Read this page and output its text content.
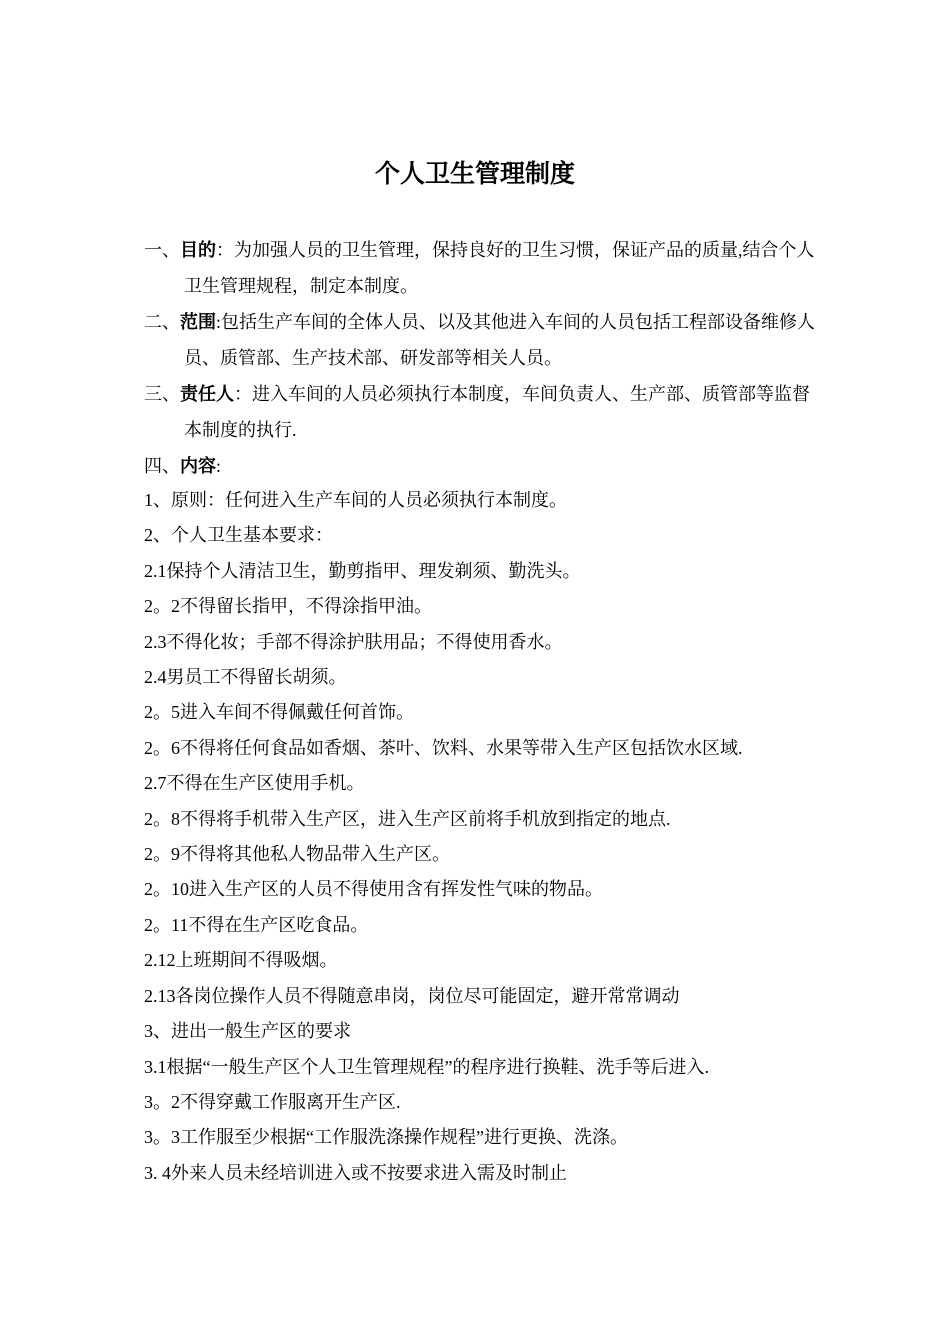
个人卫生管理制度

一、目的：为加强人员的卫生管理，保持良好的卫生习惯，保证产品的质量,结合个人卫生管理规程，制定本制度。

二、范围:包括生产车间的全体人员、以及其他进入车间的人员包括工程部设备维修人员、质管部、生产技术部、研发部等相关人员。

三、责任人：进入车间的人员必须执行本制度，车间负责人、生产部、质管部等监督本制度的执行.

四、内容:

1、原则：任何进入生产车间的人员必须执行本制度。
2、个人卫生基本要求：
2.1保持个人清洁卫生，勤剪指甲、理发剃须、勤洗头。
2。2不得留长指甲，不得涂指甲油。
2.3不得化妆；手部不得涂护肤用品；不得使用香水。
2.4男员工不得留长胡须。
2。5进入车间不得佩戴任何首饰。
2。6不得将任何食品如香烟、茶叶、饮料、水果等带入生产区包括饮水区域.
2.7不得在生产区使用手机。
2。8不得将手机带入生产区，进入生产区前将手机放到指定的地点.
2。9不得将其他私人物品带入生产区。
2。10进入生产区的人员不得使用含有挥发性气味的物品。
2。11不得在生产区吃食品。
2.12上班期间不得吸烟。
2.13各岗位操作人员不得随意串岗，岗位尽可能固定，避开常常调动
3、进出一般生产区的要求
3.1根据“一般生产区个人卫生管理规程”的程序进行换鞋、洗手等后进入.
3。2不得穿戴工作服离开生产区.
3。3工作服至少根据“工作服洗涤操作规程”进行更换、洗涤。
3. 4外来人员未经培训进入或不按要求进入需及时制止
